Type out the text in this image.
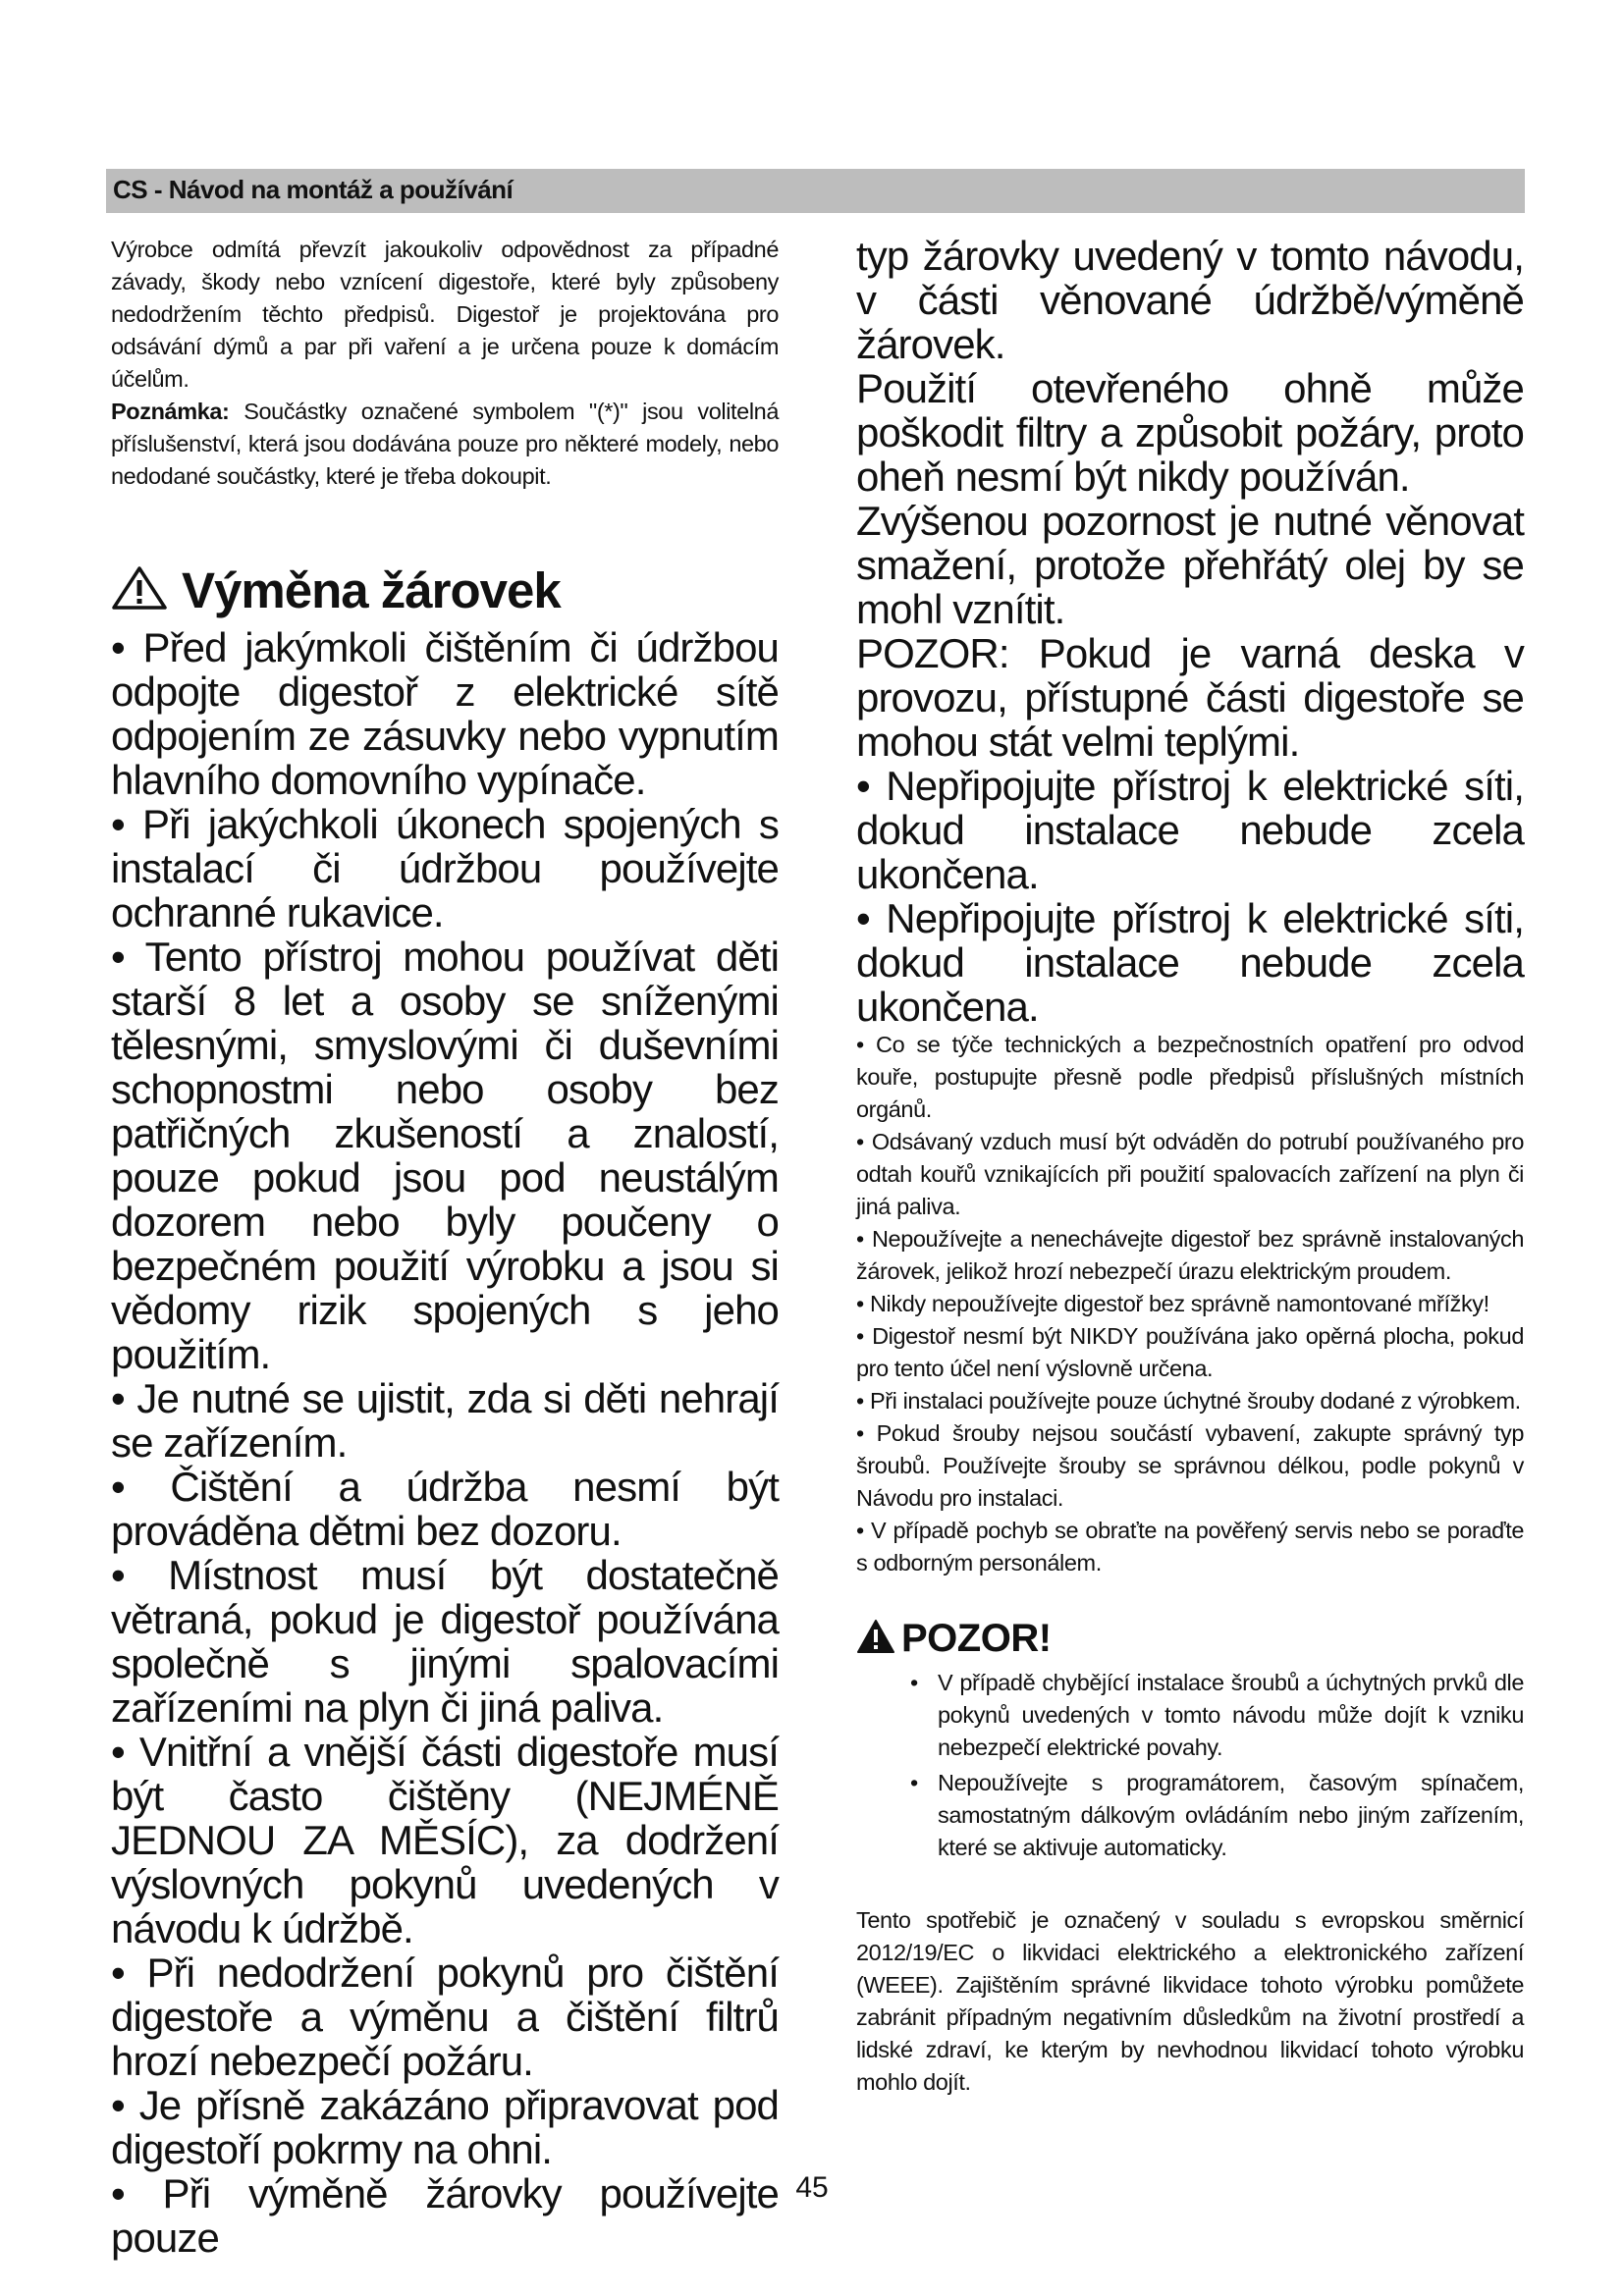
CS - Návod na montáž a používání

Výrobce odmítá převzít jakoukoliv odpovědnost za případné závady, škody nebo vznícení digestoře, které byly způsobeny nedodržením těchto předpisů. Digestoř je projektována pro odsávání dýmů a par při vaření a je určena pouze k domácím účelům.

Poznámka: Součástky označené symbolem "(*)" jsou volitelná příslušenství, která jsou dodávána pouze pro některé modely, nebo nedodané součástky, které je třeba dokoupit.

Výměna žárovek

• Před jakýmkoli čištěním či údržbou odpojte digestoř z elektrické sítě odpojením ze zásuvky nebo vypnutím hlavního domovního vypínače.

• Při jakýchkoli úkonech spojených s instalací či údržbou používejte ochranné rukavice.

• Tento přístroj mohou používat děti starší 8 let a osoby se sníženými tělesnými, smyslovými či duševními schopnostmi nebo osoby bez patřičných zkušeností a znalostí, pouze pokud jsou pod neustálým dozorem nebo byly poučeny o bezpečném použití výrobku a jsou si vědomy rizik spojených s jeho použitím.

• Je nutné se ujistit, zda si děti nehrají se zařízením.

• Čištění a údržba nesmí být prováděna dětmi bez dozoru.

• Místnost musí být dostatečně větraná, pokud je digestoř používána společně s jinými spalovacími zařízeními na plyn či jiná paliva.

• Vnitřní a vnější části digestoře musí být často čištěny (NEJMÉNĚ JEDNOU ZA MĚSÍC), za dodržení výslovných pokynů uvedených v návodu k údržbě.

• Při nedodržení pokynů pro čištění digestoře a výměnu a čištění filtrů hrozí nebezpečí požáru.

• Je přísně zakázáno připravovat pod digestoří pokrmy na ohni.

• Při výměně žárovky používejte pouze

typ žárovky uvedený v tomto návodu, v části věnované údržbě/výměně žárovek.

Použití otevřeného ohně může poškodit filtry a způsobit požáry, proto oheň nesmí být nikdy používán.

Zvýšenou pozornost je nutné věnovat smažení, protože přehřátý olej by se mohl vznítit.

POZOR: Pokud je varná deska v provozu, přístupné části digestoře se mohou stát velmi teplými.

• Nepřipojujte přístroj k elektrické síti, dokud instalace nebude zcela ukončena.

• Nepřipojujte přístroj k elektrické síti, dokud instalace nebude zcela ukončena.

• Co se týče technických a bezpečnostních opatření pro odvod kouře, postupujte přesně podle předpisů příslušných místních orgánů.

• Odsávaný vzduch musí být odváděn do potrubí používaného pro odtah kouřů vznikajících při použití spalovacích zařízení na plyn či jiná paliva.

• Nepoužívejte a nenechávejte digestoř bez správně instalovaných žárovek, jelikož hrozí nebezpečí úrazu elektrickým proudem.

• Nikdy nepoužívejte digestoř bez správně namontované mřížky!

• Digestoř nesmí být NIKDY používána jako opěrná plocha, pokud pro tento účel není výslovně určena.

• Při instalaci používejte pouze úchytné šrouby dodané z výrobkem.

• Pokud šrouby nejsou součástí vybavení, zakupte správný typ šroubů. Používejte šrouby se správnou délkou, podle pokynů v Návodu pro instalaci.

• V případě pochyb se obraťte na pověřený servis nebo se poraďte s odborným personálem.

POZOR!
• V případě chybějící instalace šroubů a úchytných prvků dle pokynů uvedených v tomto návodu může dojít k vzniku nebezpečí elektrické povahy.
• Nepoužívejte s programátorem, časovým spínačem, samostatným dálkovým ovládáním nebo jiným zařízením, které se aktivuje automaticky.

Tento spotřebič je označený v souladu s evropskou směrnicí 2012/19/EC o likvidaci elektrického a elektronického zařízení (WEEE). Zajištěním správné likvidace tohoto výrobku pomůžete zabránit případným negativním důsledkům na životní prostředí a lidské zdraví, ke kterým by nevhodnou likvidací tohoto výrobku mohlo dojít.

45
